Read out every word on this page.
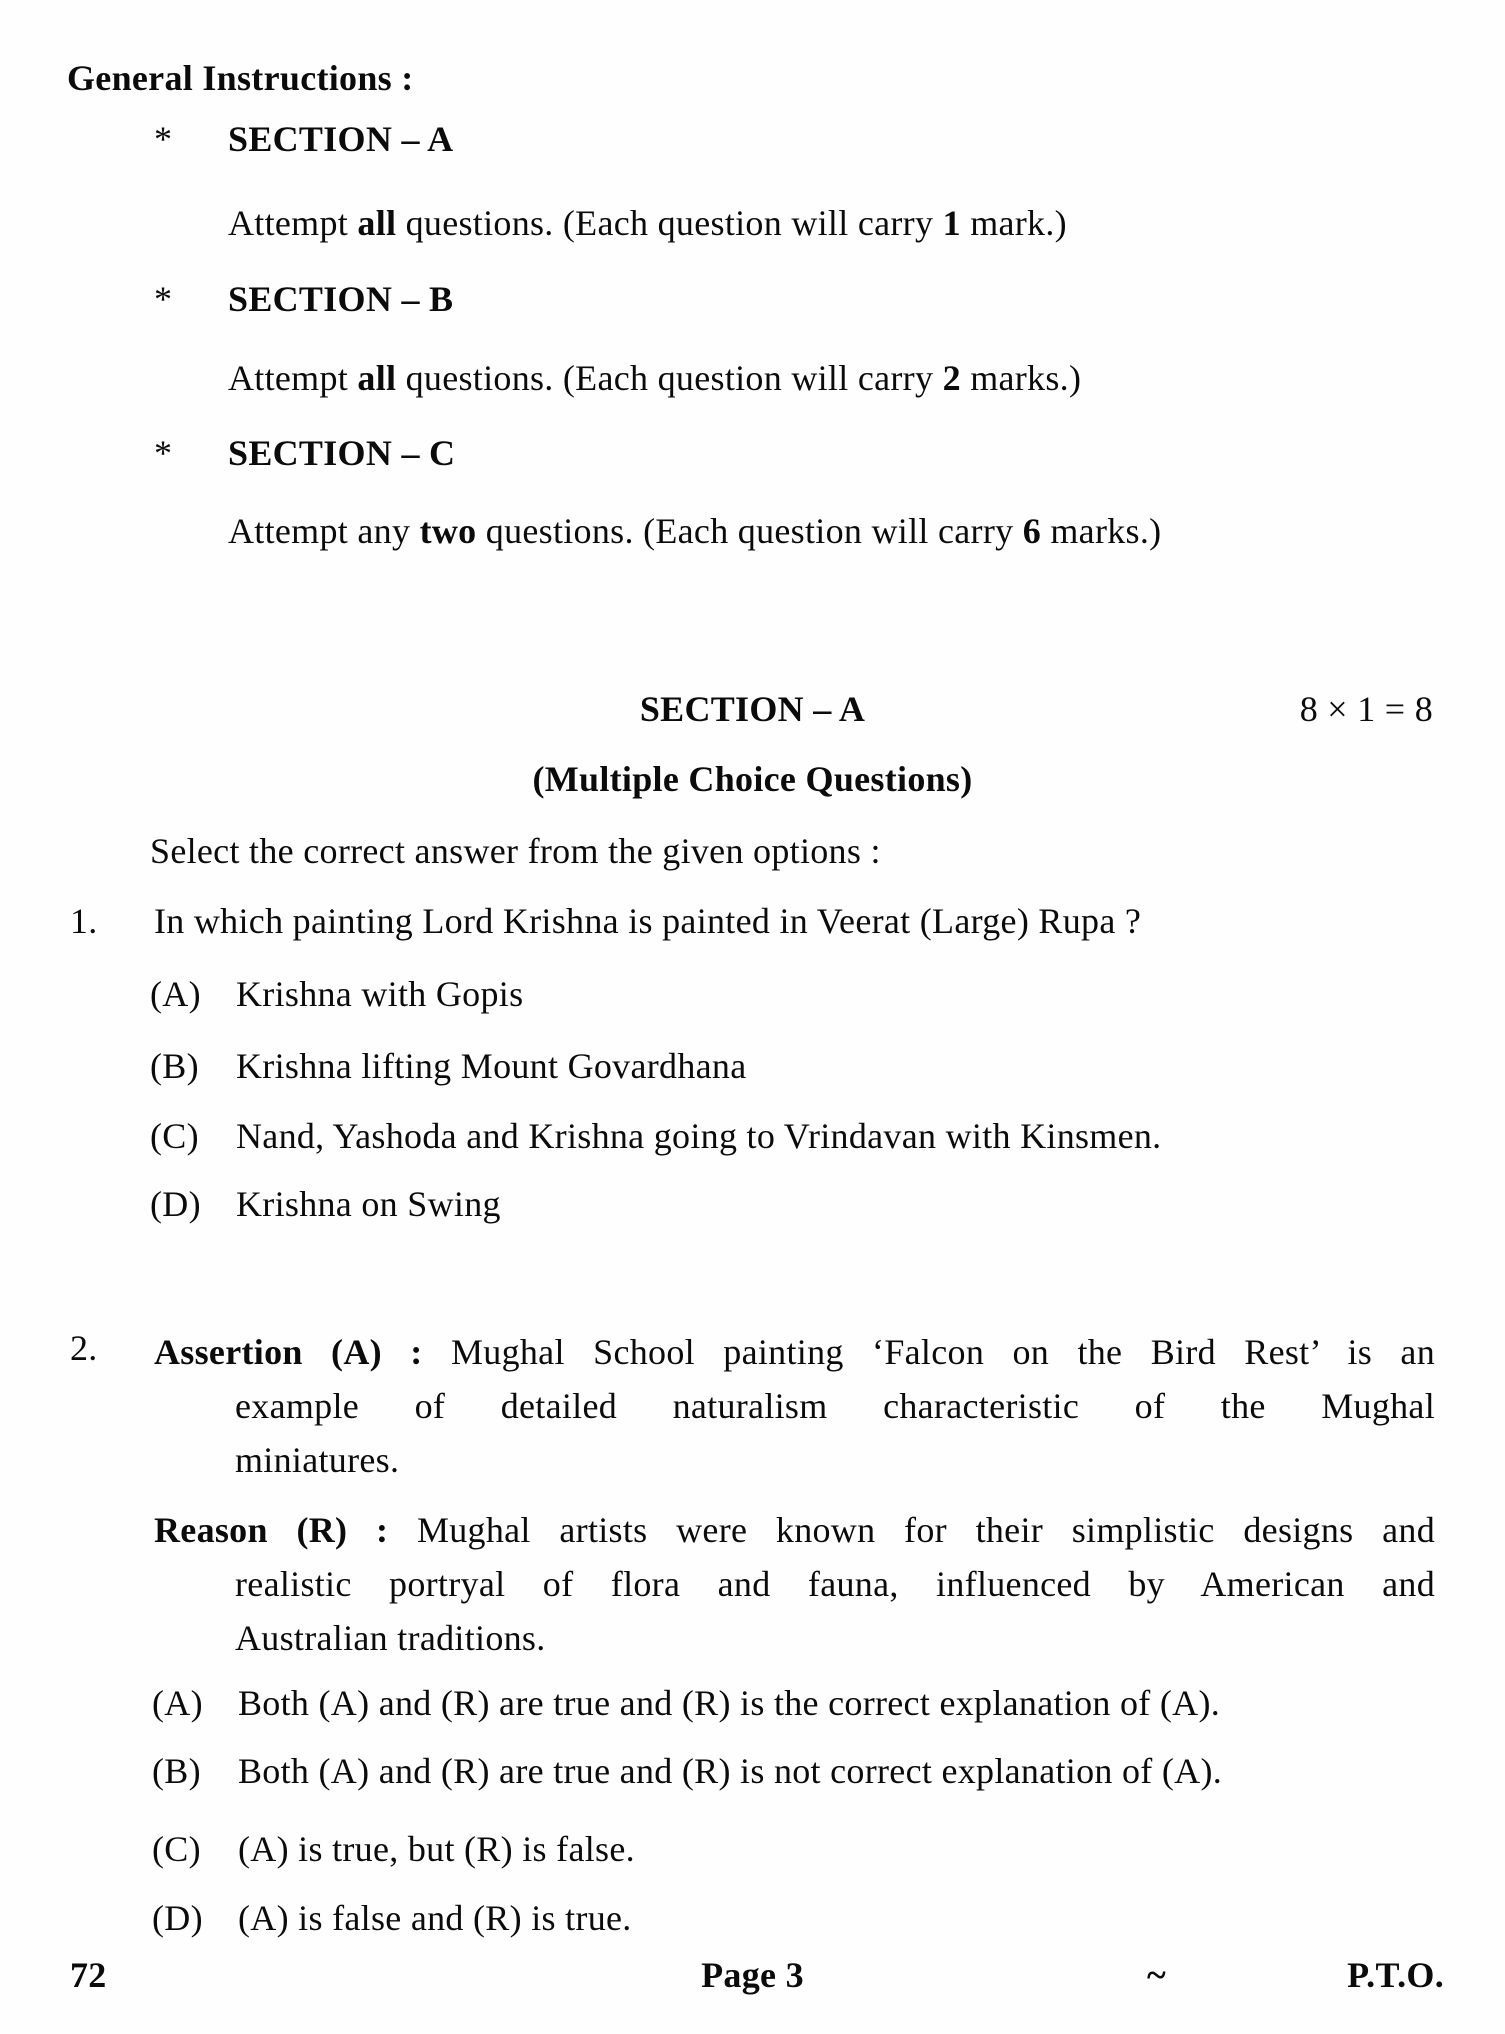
General Instructions :
* SECTION – A
Attempt all questions. (Each question will carry 1 mark.)
* SECTION – B
Attempt all questions. (Each question will carry 2 marks.)
* SECTION – C
Attempt any two questions. (Each question will carry 6 marks.)
SECTION – A	8 × 1 = 8
(Multiple Choice Questions)
Select the correct answer from the given options :
1. In which painting Lord Krishna is painted in Veerat (Large) Rupa ?
(A) Krishna with Gopis
(B) Krishna lifting Mount Govardhana
(C) Nand, Yashoda and Krishna going to Vrindavan with Kinsmen.
(D) Krishna on Swing
2. Assertion (A) : Mughal School painting ‘Falcon on the Bird Rest’ is an
example of detailed naturalism characteristic of the Mughal
miniatures.
Reason (R) : Mughal artists were known for their simplistic designs and
realistic portryal of flora and fauna, influenced by American and
Australian traditions.
(A) Both (A) and (R) are true and (R) is the correct explanation of (A).
(B) Both (A) and (R) are true and (R) is not correct explanation of (A).
(C) (A) is true, but (R) is false.
(D) (A) is false and (R) is true.
72	Page 3	~	P.T.O.
